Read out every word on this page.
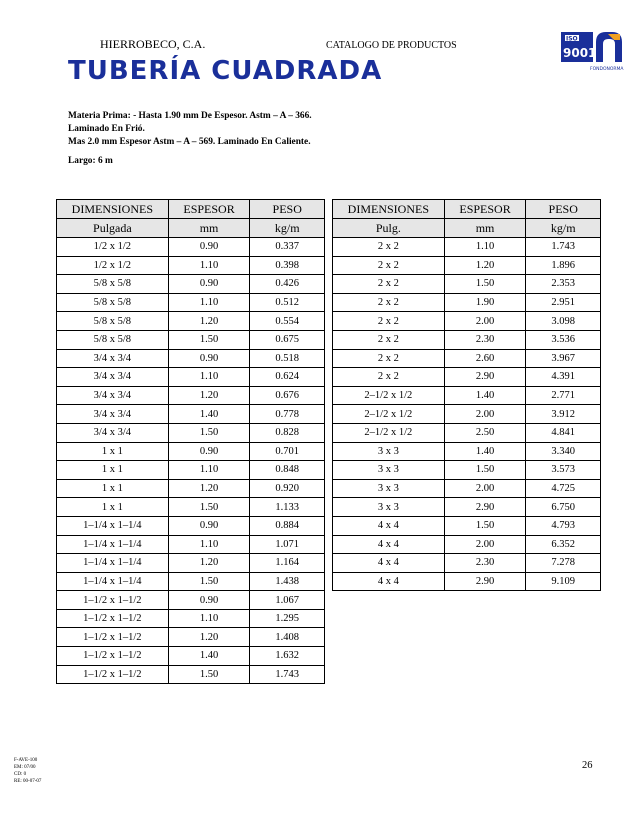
HIERROBECO, C.A.	CATALOGO DE PRODUCTOS
TUBERÍA CUADRADA
ISO
9001
FONDONORMA
Materia Prima: - Hasta 1.90 mm De Espesor. Astm – A – 366.
Laminado En Frió.
Mas 2.0 mm Espesor Astm – A – 569. Laminado En Caliente.
Largo: 6 m
DIMENSIONES	ESPESOR	PESO
Pulgada	mm	kg/m
1/2 x 1/2	0.90	0.337
1/2 x 1/2	1.10	0.398
5/8 x 5/8	0.90	0.426
5/8 x 5/8	1.10	0.512
5/8 x 5/8	1.20	0.554
5/8 x 5/8	1.50	0.675
3/4 x 3/4	0.90	0.518
3/4 x 3/4	1.10	0.624
3/4 x 3/4	1.20	0.676
3/4 x 3/4	1.40	0.778
3/4 x 3/4	1.50	0.828
1 x 1	0.90	0.701
1 x 1	1.10	0.848
1 x 1	1.20	0.920
1 x 1	1.50	1.133
1–1/4 x 1–1/4	0.90	0.884
1–1/4 x 1–1/4	1.10	1.071
1–1/4 x 1–1/4	1.20	1.164
1–1/4 x 1–1/4	1.50	1.438
1–1/2 x 1–1/2	0.90	1.067
1–1/2 x 1–1/2	1.10	1.295
1–1/2 x 1–1/2	1.20	1.408
1–1/2 x 1–1/2	1.40	1.632
1–1/2 x 1–1/2	1.50	1.743
DIMENSIONES	ESPESOR	PESO
Pulg.	mm	kg/m
2 x 2	1.10	1.743
2 x 2	1.20	1.896
2 x 2	1.50	2.353
2 x 2	1.90	2.951
2 x 2	2.00	3.098
2 x 2	2.30	3.536
2 x 2	2.60	3.967
2 x 2	2.90	4.391
2–1/2 x 1/2	1.40	2.771
2–1/2 x 1/2	2.00	3.912
2–1/2 x 1/2	2.50	4.841
3 x 3	1.40	3.340
3 x 3	1.50	3.573
3 x 3	2.00	4.725
3 x 3	2.90	6.750
4 x 4	1.50	4.793
4 x 4	2.00	6.352
4 x 4	2.30	7.278
4 x 4	2.90	9.109
F-AVE-100
EM: 07/00
CD: 0
RE: 00-07-07
26
